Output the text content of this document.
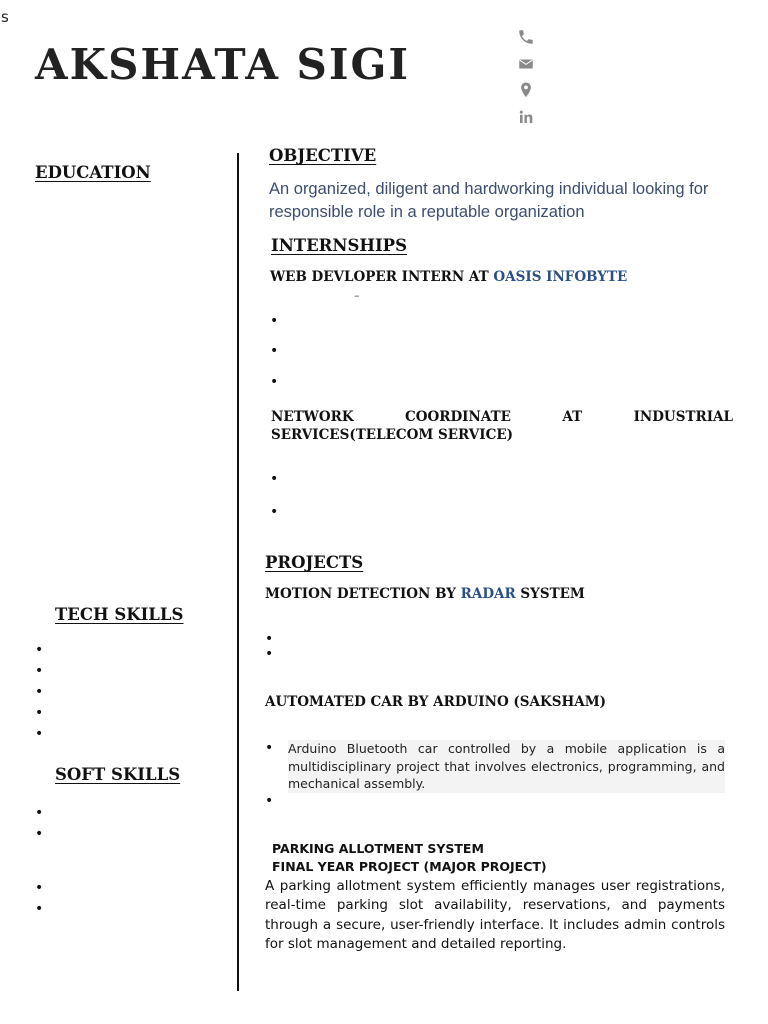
s
AKSHATA SIGI
EDUCATION
TECH SKILLS
SOFT SKILLS
OBJECTIVE

An organized, diligent and hardworking individual looking for responsible role in a reputable organization

INTERNSHIPS
WEB DEVLOPER INTERN AT OASIS INFOBYTE
–
•
•
•
NETWORK COORDINATE AT INDUSTRIAL SERVICES(TELECOM SERVICE)
•
•
PROJECTS
MOTION DETECTION BY RADAR SYSTEM
•
•
AUTOMATED CAR BY ARDUINO (SAKSHAM)
• Arduino Bluetooth car controlled by a mobile application is a multidisciplinary project that involves electronics, programming, and mechanical assembly.

•
PARKING ALLOTMENT SYSTEM
FINAL YEAR PROJECT (MAJOR PROJECT)

A parking allotment system efficiently manages user registrations, real-time parking slot availability, reservations, and payments through a secure, user-friendly interface. It includes admin controls for slot management and detailed reporting.
